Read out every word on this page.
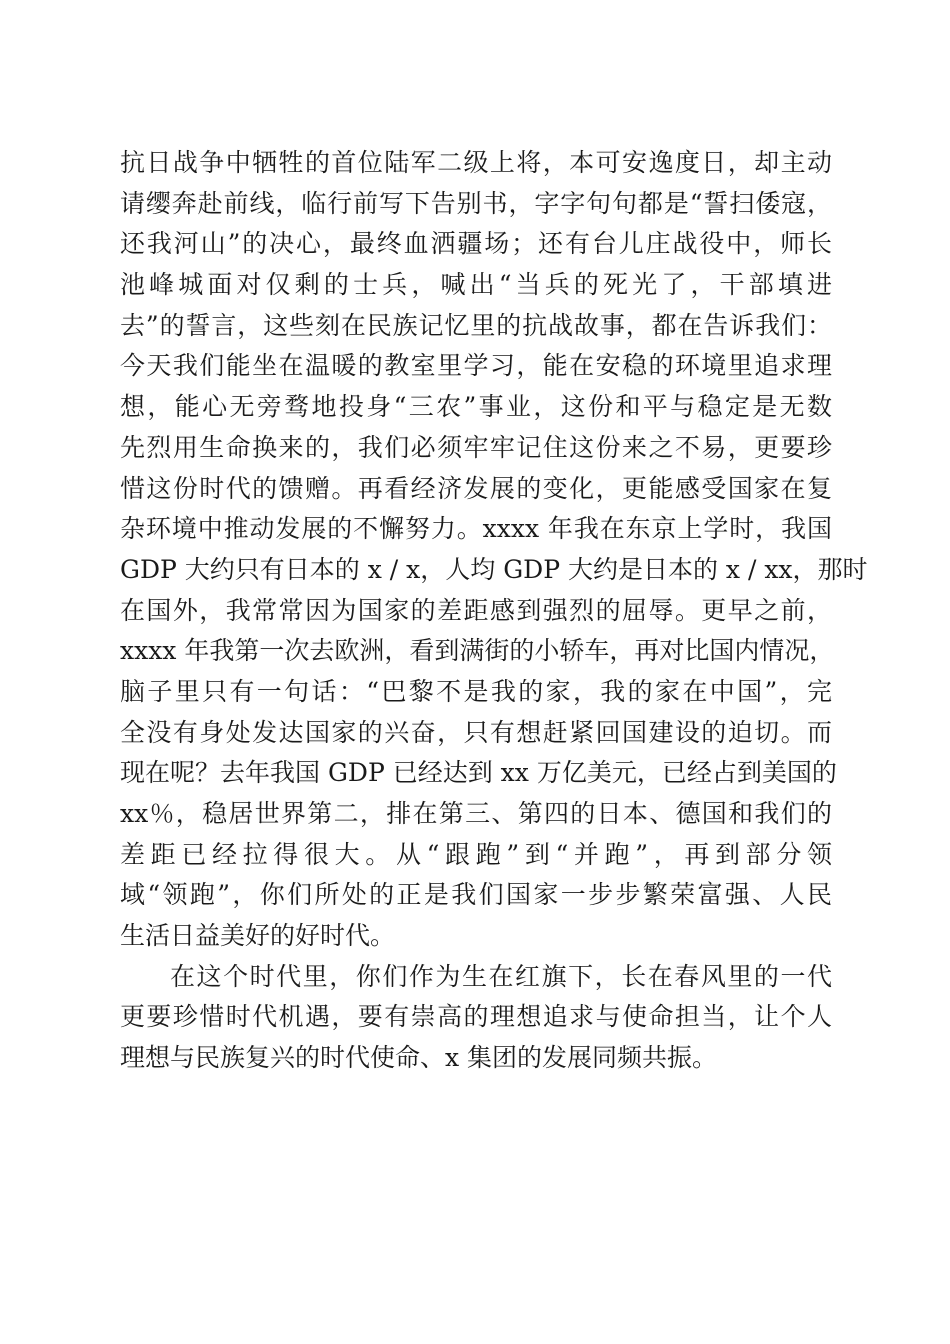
抗日战争中牺牲的首位陆军二级上将，本可安逸度日，却主动
请缨奔赴前线，临行前写下告别书，字字句句都是“誓扫倭寇，
还我河山”的决心，最终血洒疆场；还有台儿庄战役中，师长
池峰城面对仅剩的士兵，喊出“当兵的死光了，干部填进
去”的誓言，这些刻在民族记忆里的抗战故事，都在告诉我们：
今天我们能坐在温暖的教室里学习，能在安稳的环境里追求理
想，能心无旁骛地投身“三农”事业，这份和平与稳定是无数
先烈用生命换来的，我们必须牢牢记住这份来之不易，更要珍
惜这份时代的馈赠。再看经济发展的变化，更能感受国家在复
杂环境中推动发展的不懈努力。xxxx 年我在东京上学时，我国
GDP 大约只有日本的 x / x，人均 GDP 大约是日本的 x / xx，那时
在国外，我常常因为国家的差距感到强烈的屈辱。更早之前，
xxxx 年我第一次去欧洲，看到满街的小轿车，再对比国内情况，
脑子里只有一句话：“巴黎不是我的家，我的家在中国”，完
全没有身处发达国家的兴奋，只有想赶紧回国建设的迫切。而
现在呢？去年我国 GDP 已经达到 xx 万亿美元，已经占到美国的
xx％，稳居世界第二，排在第三、第四的日本、德国和我们的
差距已经拉得很大。从“跟跑”到“并跑”，再到部分领
域“领跑”，你们所处的正是我们国家一步步繁荣富强、人民
生活日益美好的好时代。
在这个时代里，你们作为生在红旗下，长在春风里的一代
更要珍惜时代机遇，要有崇高的理想追求与使命担当，让个人
理想与民族复兴的时代使命、x 集团的发展同频共振。
